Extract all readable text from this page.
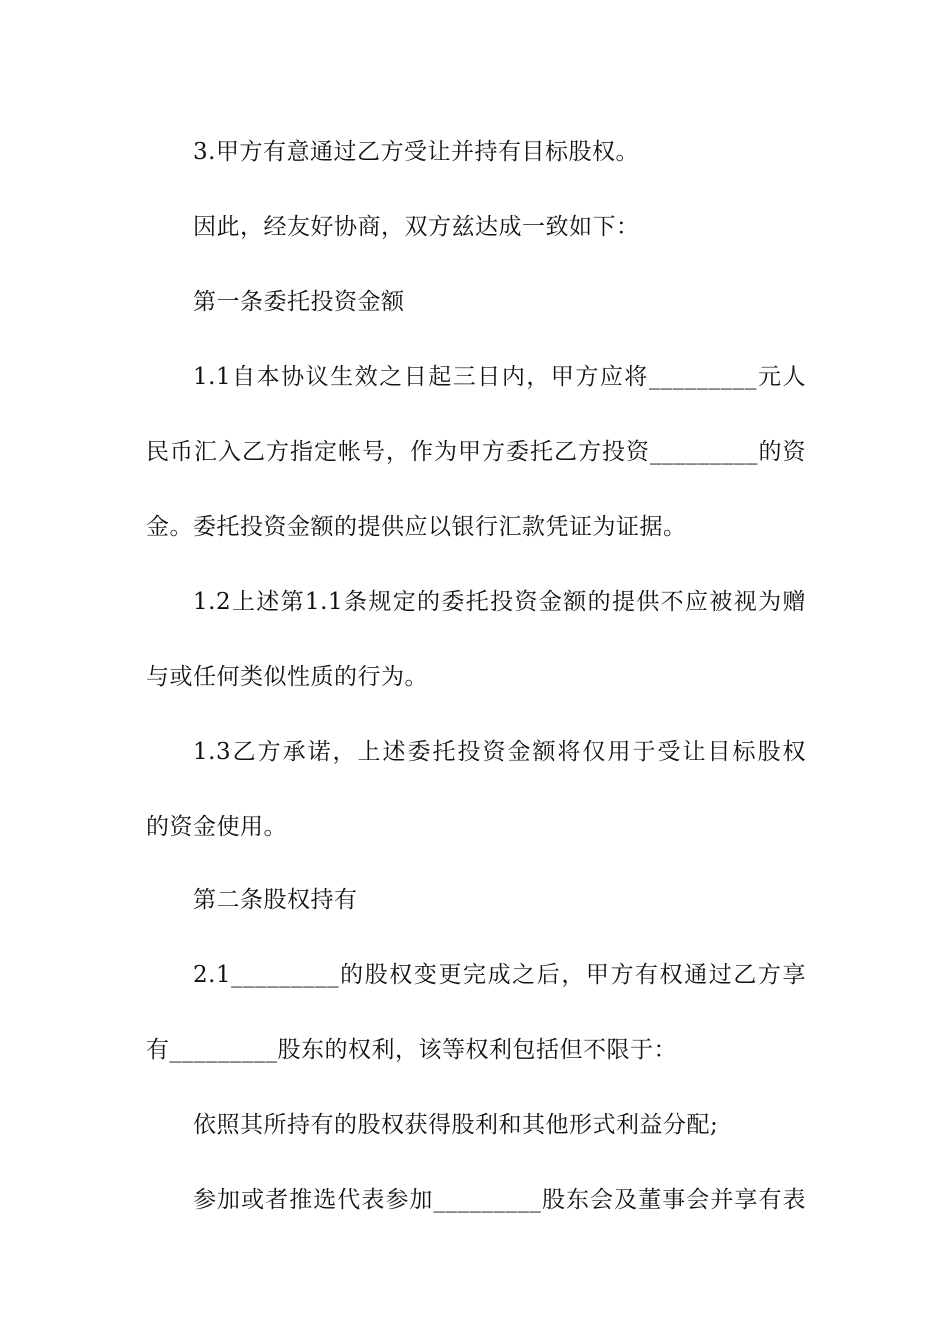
3.甲方有意通过乙方受让并持有目标股权。
因此，经友好协商，双方兹达成一致如下：
第一条委托投资金额
1.1自本协议生效之日起三日内，甲方应将_________元人
民币汇入乙方指定帐号，作为甲方委托乙方投资_________的资
金。委托投资金额的提供应以银行汇款凭证为证据。
1.2上述第1.1条规定的委托投资金额的提供不应被视为赠
与或任何类似性质的行为。
1.3乙方承诺，上述委托投资金额将仅用于受让目标股权
的资金使用。
第二条股权持有
2.1_________的股权变更完成之后，甲方有权通过乙方享
有_________股东的权利，该等权利包括但不限于：
依照其所持有的股权获得股利和其他形式利益分配;
参加或者推选代表参加_________股东会及董事会并享有表
